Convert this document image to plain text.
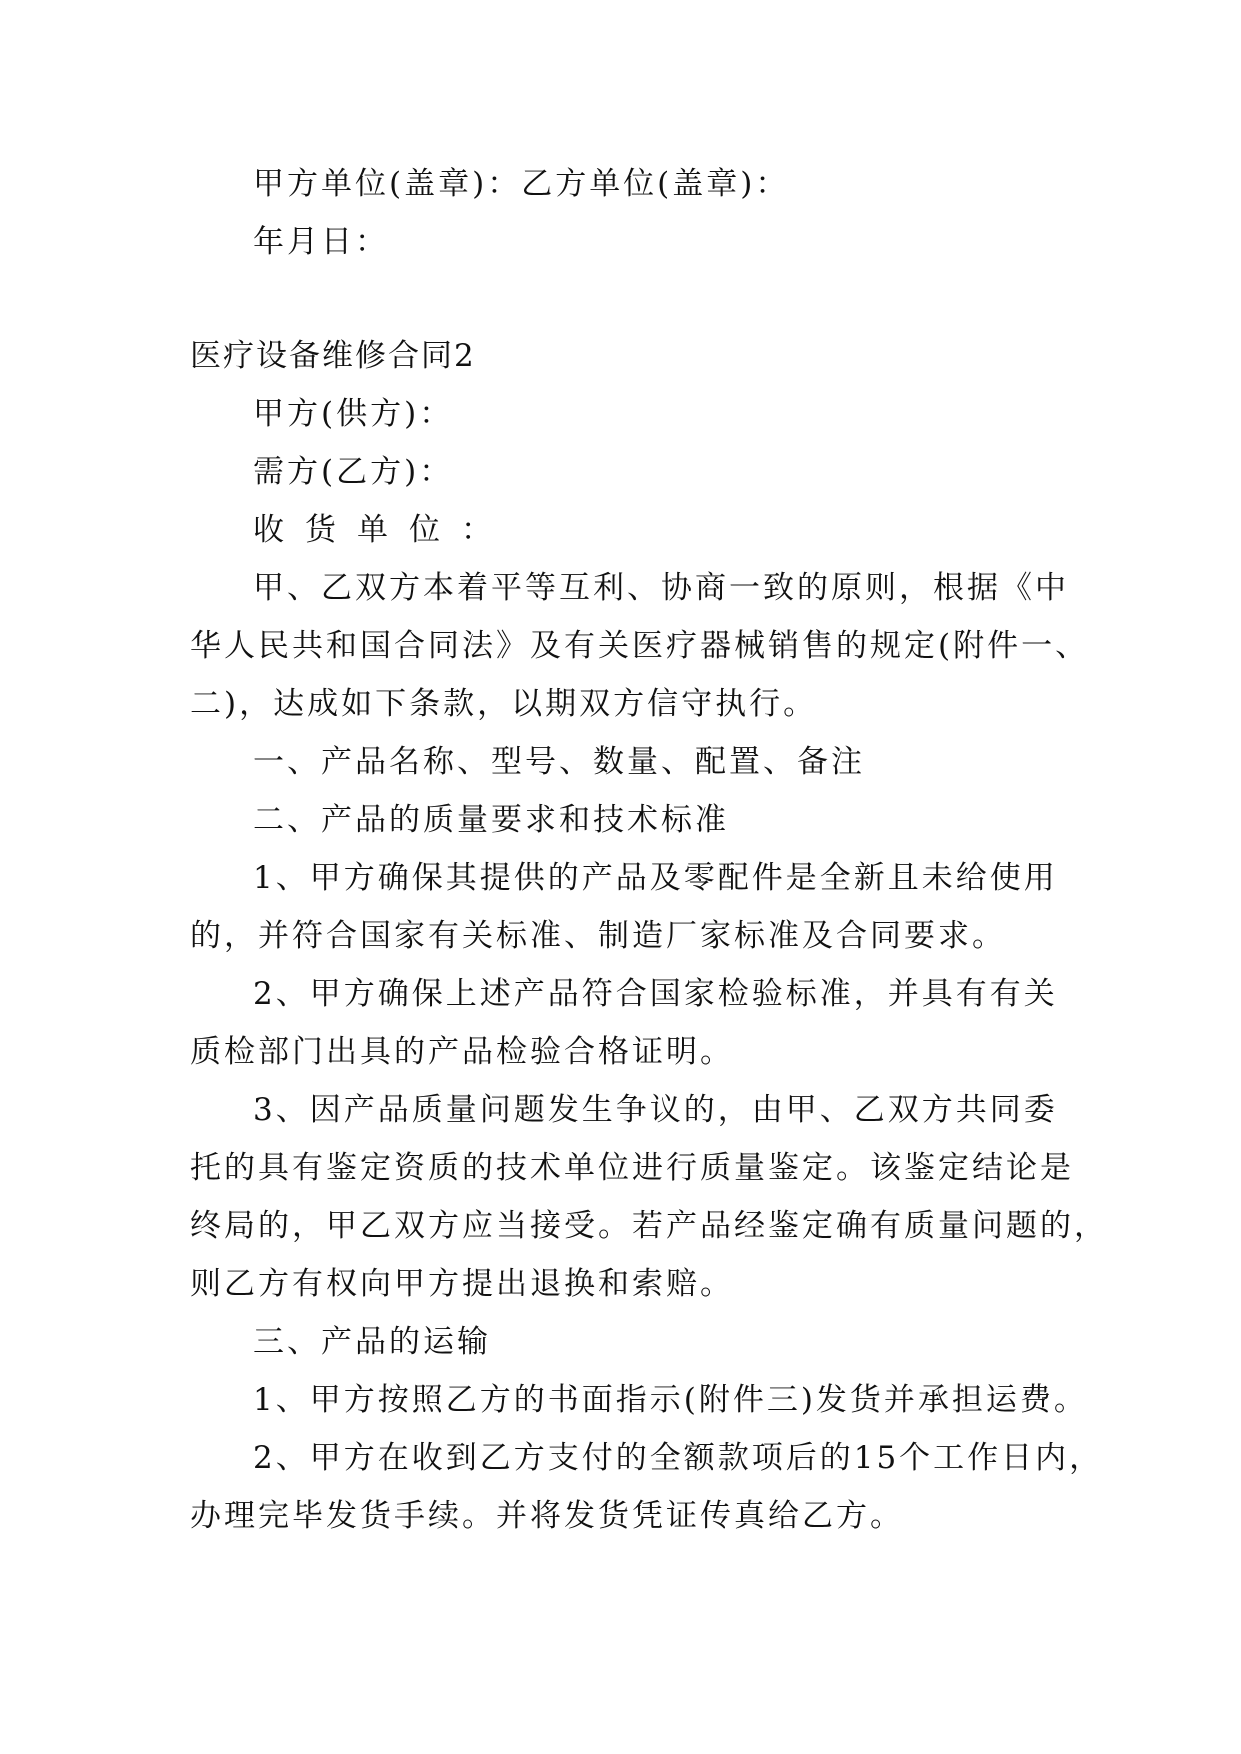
甲方单位(盖章)：乙方单位(盖章)：
年月日：
医疗设备维修合同2
甲方(供方)：
需方(乙方)：
收货单位：
甲、乙双方本着平等互利、协商一致的原则，根据《中
华人民共和国合同法》及有关医疗器械销售的规定(附件一、
二)，达成如下条款，以期双方信守执行。
一、产品名称、型号、数量、配置、备注
二、产品的质量要求和技术标准
1、甲方确保其提供的产品及零配件是全新且未给使用
的，并符合国家有关标准、制造厂家标准及合同要求。
2、甲方确保上述产品符合国家检验标准，并具有有关
质检部门出具的产品检验合格证明。
3、因产品质量问题发生争议的，由甲、乙双方共同委
托的具有鉴定资质的技术单位进行质量鉴定。该鉴定结论是
终局的，甲乙双方应当接受。若产品经鉴定确有质量问题的，
则乙方有权向甲方提出退换和索赔。
三、产品的运输
1、甲方按照乙方的书面指示(附件三)发货并承担运费。
2、甲方在收到乙方支付的全额款项后的15个工作日内，
办理完毕发货手续。并将发货凭证传真给乙方。
